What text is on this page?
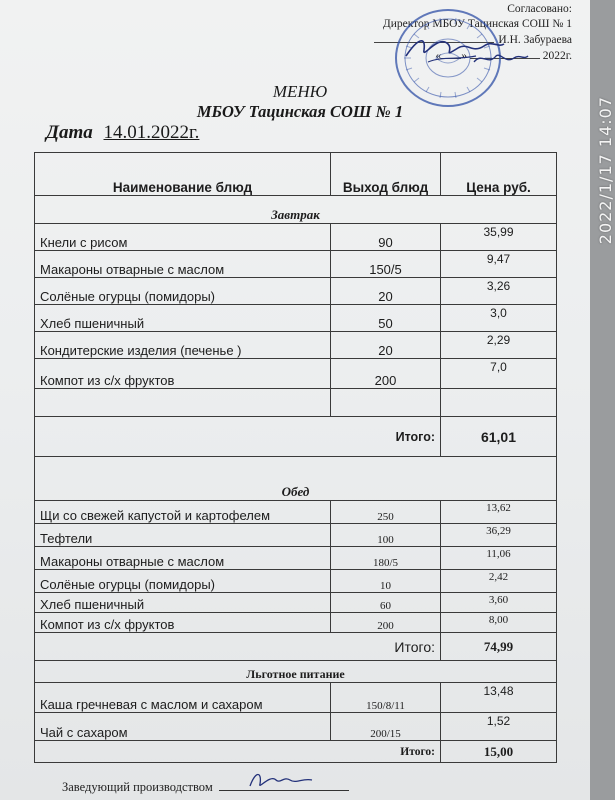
Согласовано:
Директор МБОУ Тацинская СОШ № 1
И.Н. Забураева
« »	2022г.
МЕНЮ
МБОУ Тацинская СОШ № 1
Дата 14.01.2022г.
Наименование блюд	Выход блюд	Цена руб.
Завтрак		
Кнели с рисом	90	35,99
Макароны отварные с маслом	150/5	9,47
Солёные огурцы (помидоры)	20	3,26
Хлеб пшеничный	50	3,0
Кондитерские изделия (печенье )	20	2,29
Компот из с/х фруктов	200	7,0

Итого:		61,01
Обед		
Щи со свежей капустой и картофелем	250	13,62
Тефтели	100	36,29
Макароны отварные с маслом	180/5	11,06
Солёные огурцы (помидоры)	10	2,42
Хлеб пшеничный	60	3,60
Компот из с/х фруктов	200	8,00
Итого:		74,99
Льготное питание		
Каша гречневая с маслом и сахаром	150/8/11	13,48
Чай с сахаром	200/15	1,52
Итого:		15,00
Заведующий производством
2022/1/17 14:07
